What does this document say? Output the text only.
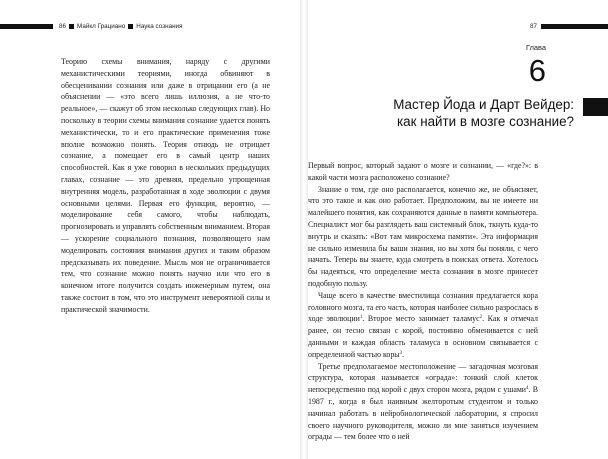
86 Майкл Грациано Наука сознания

Теорию схемы внимания, наряду с другими механистическими теориями, иногда обвиняют в обесценивании сознания или даже в отрицании его (а не объяснении — «это всего лишь иллюзия, а не что-то реальное», — скажут об этом несколько следующих глав). Но поскольку в теории схемы внимания сознание удается понять механистически, то и его практические применения тоже вполне возможно понять. Теория отнюдь не отрицает сознание, а помещает его в самый центр наших способностей. Как я уже говорил в нескольких предыдущих главах, сознание — это древняя, предельно упрощенная внутренняя модель, разработанная в ходе эволюции с двумя основными целями. Первая его функция, вероятно, — моделирование себя самого, чтобы наблюдать, прогнозировать и управлять собственным вниманием. Вторая — ускорение социального познания, позволяющего нам моделировать состояния внимания других и таким образом предсказывать их поведение. Мысль моя не ограничивается тем, что сознание можно понять научно или что его в конечном итоге получится создать инженерным путем, она также состоит в том, что это инструмент невероятной силы и практической значимости.

87
Глава
6
Мастер Йода и Дарт Вейдер:
как найти в мозге сознание?

Первый вопрос, который задают о мозге и сознании, — «где?»: в какой части мозга расположено сознание?

Знание о том, где оно располагается, конечно же, не объясняет, что это такое и как оно работает. Предположим, вы не имеете ни малейшего понятия, как сохраняются данные в памяти компьютера. Специалист мог бы разглядеть ваш системный блок, ткнуть куда-то внутрь и сказать: «Вот там микросхема памяти». Эта информация не сильно изменила бы ваши знания, но вы хотя бы поняли, с чего начать. Теперь вы знаете, куда смотреть в поисках ответа. Хотелось бы надеяться, что определение места сознания в мозге принесет подобную пользу.

Чаще всего в качестве вместилища сознания предлагается кора головного мозга, та его часть, которая наиболее сильно разрослась в ходе эволюции$^1$. Второе место занимает таламус$^2$. Как я отмечал ранее, он тесно связан с корой, постоянно обменивается с ней данными и каждая область таламуса в основном связывается с определенной частью коры$^3$.

Третье предполагаемое местоположение — загадочная мозговая структура, которая называется «ограда»: тонкий слой клеток непосредственно под корой с двух сторон мозга, рядом с ушами$^4$. В 1987 г., когда я был наивным желторотым студентом и только начинал работать в нейробиологической лаборатории, я спросил своего научного руководителя, можно ли мне заняться изучением ограды — тем более что о ней
